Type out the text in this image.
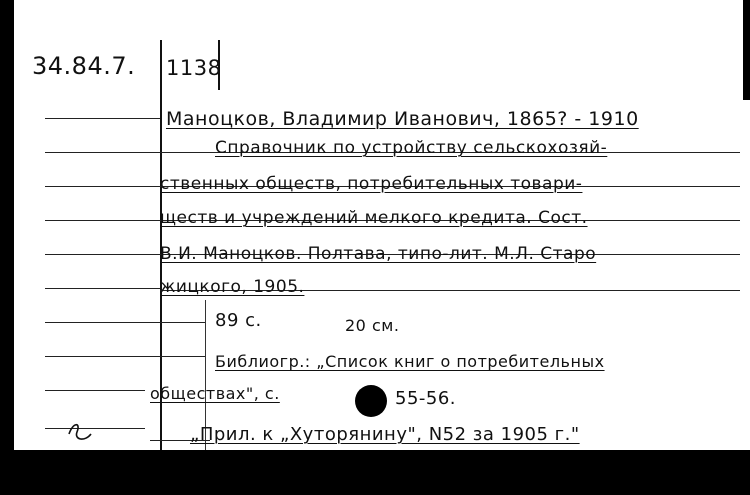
34.84.7. 1138
Маноцков, Владимир Иванович, 1865? - 1910
Справочник по устройству сельскохозяй-
ственных обществ, потребительных товари-
ществ и учреждений мелкого кредита. Сост.
В.И. Маноцков. Полтава, типо-лит. М.Л. Старо
жицкого, 1905.
89 с.	20 см.
Библиогр.: „Список книг о потребительных
обществах", с.	55-56.
„Прил. к „Хуторянину", N52 за 1905 г."
